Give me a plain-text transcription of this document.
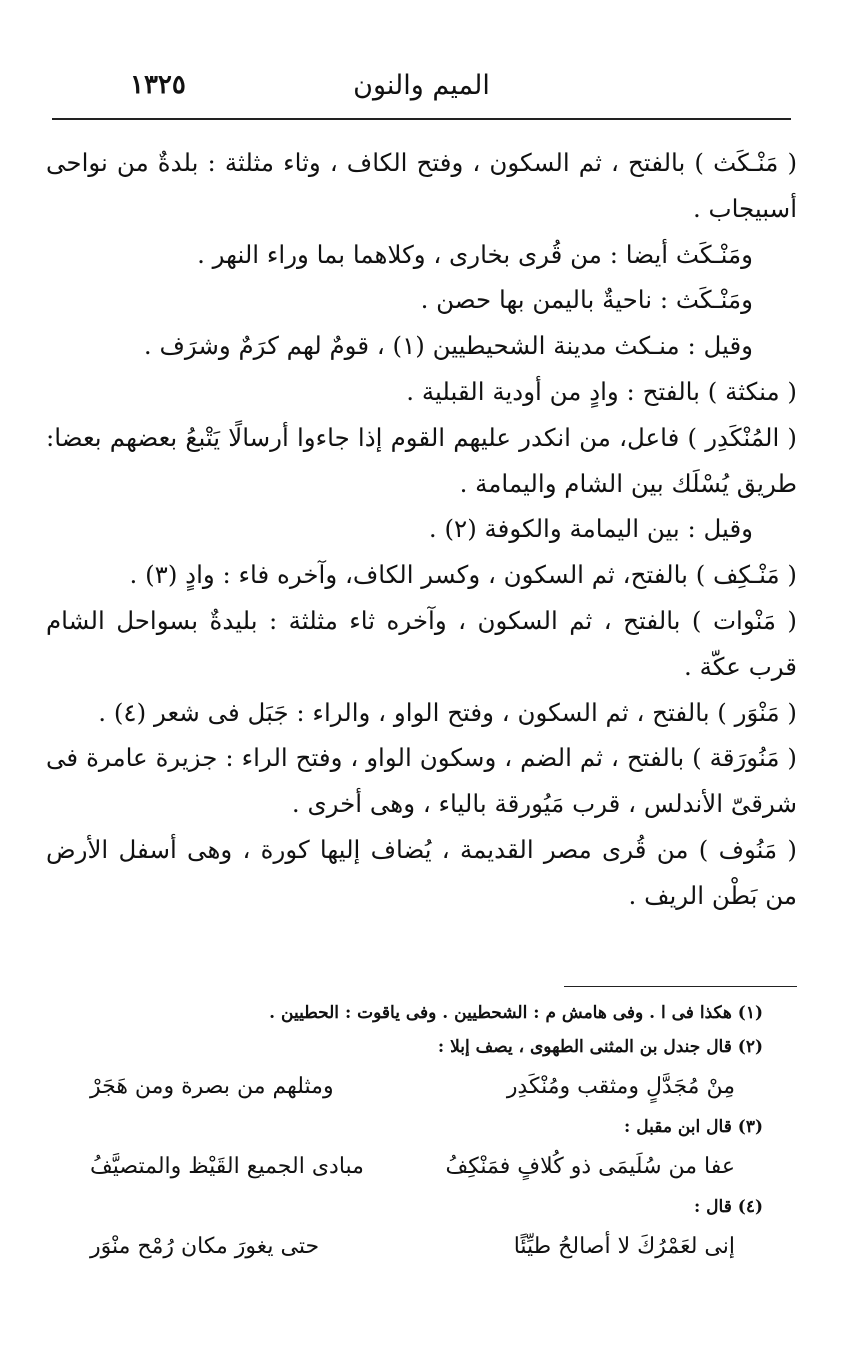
١٣٢٥	الميم والنون

( مَنْـكَث ) بالفتح ، ثم السكون ، وفتح الكاف ، وثاء مثلثة : بلدةٌ من نواحى أسبيجاب .

ومَنْـكَث أيضا : من قُرى بخارى ، وكلاهما بما وراء النهر .

ومَنْـكَث : ناحيةٌ باليمن بها حصن .

وقيل : منـكث مدينة الشحيطيين (١) ، قومٌ لهم كرَمٌ وشرَف .

( منكثة ) بالفتح : وادٍ من أودية القبلية .

( المُنْكَدِر ) فاعل، من انكدر عليهم القوم إذا جاءوا أرسالًا يَتْبعُ بعضهم بعضا: طريق يُسْلَك بين الشام واليمامة .

وقيل : بين اليمامة والكوفة (٢) .

( مَنْـكِف ) بالفتح، ثم السكون ، وكسر الكاف، وآخره فاء : وادٍ (٣) .

( مَنْوات ) بالفتح ، ثم السكون ، وآخره ثاء مثلثة : بليدةٌ بسواحل الشام قرب عكّة .

( مَنْوَر ) بالفتح ، ثم السكون ، وفتح الواو ، والراء : جَبَل فى شعر (٤) .

( مَنُورَقة ) بالفتح ، ثم الضم ، وسكون الواو ، وفتح الراء : جزيرة عامرة فى شرقىّ الأندلس ، قرب مَيُورقة بالياء ، وهى أخرى .

( مَنُوف ) من قُرى مصر القديمة ، يُضاف إليها كورة ، وهى أسفل الأرض من بَطْن الريف .

(١) هكذا فى ا . وفى هامش م : الشحطيين . وفى ياقوت : الحطيين .
(٢) قال جندل بن المثنى الطهوى ، يصف إبلا :
مِنْ مُجَدَّلٍ ومثقب ومُنْكَدِر
ومثلهم من بصرة ومن هَجَرْ
(٣) قال ابن مقبل :
عفا من سُلَيمَى ذو كُلافٍ فمَنْكِفُ
مبادى الجميع القَيْظ والمتصيَّفُ
(٤) قال :
إنى لعَمْرُكَ لا أصالحُ طيِّئًا
حتى يغورَ مكان رُمْح منْوَر
